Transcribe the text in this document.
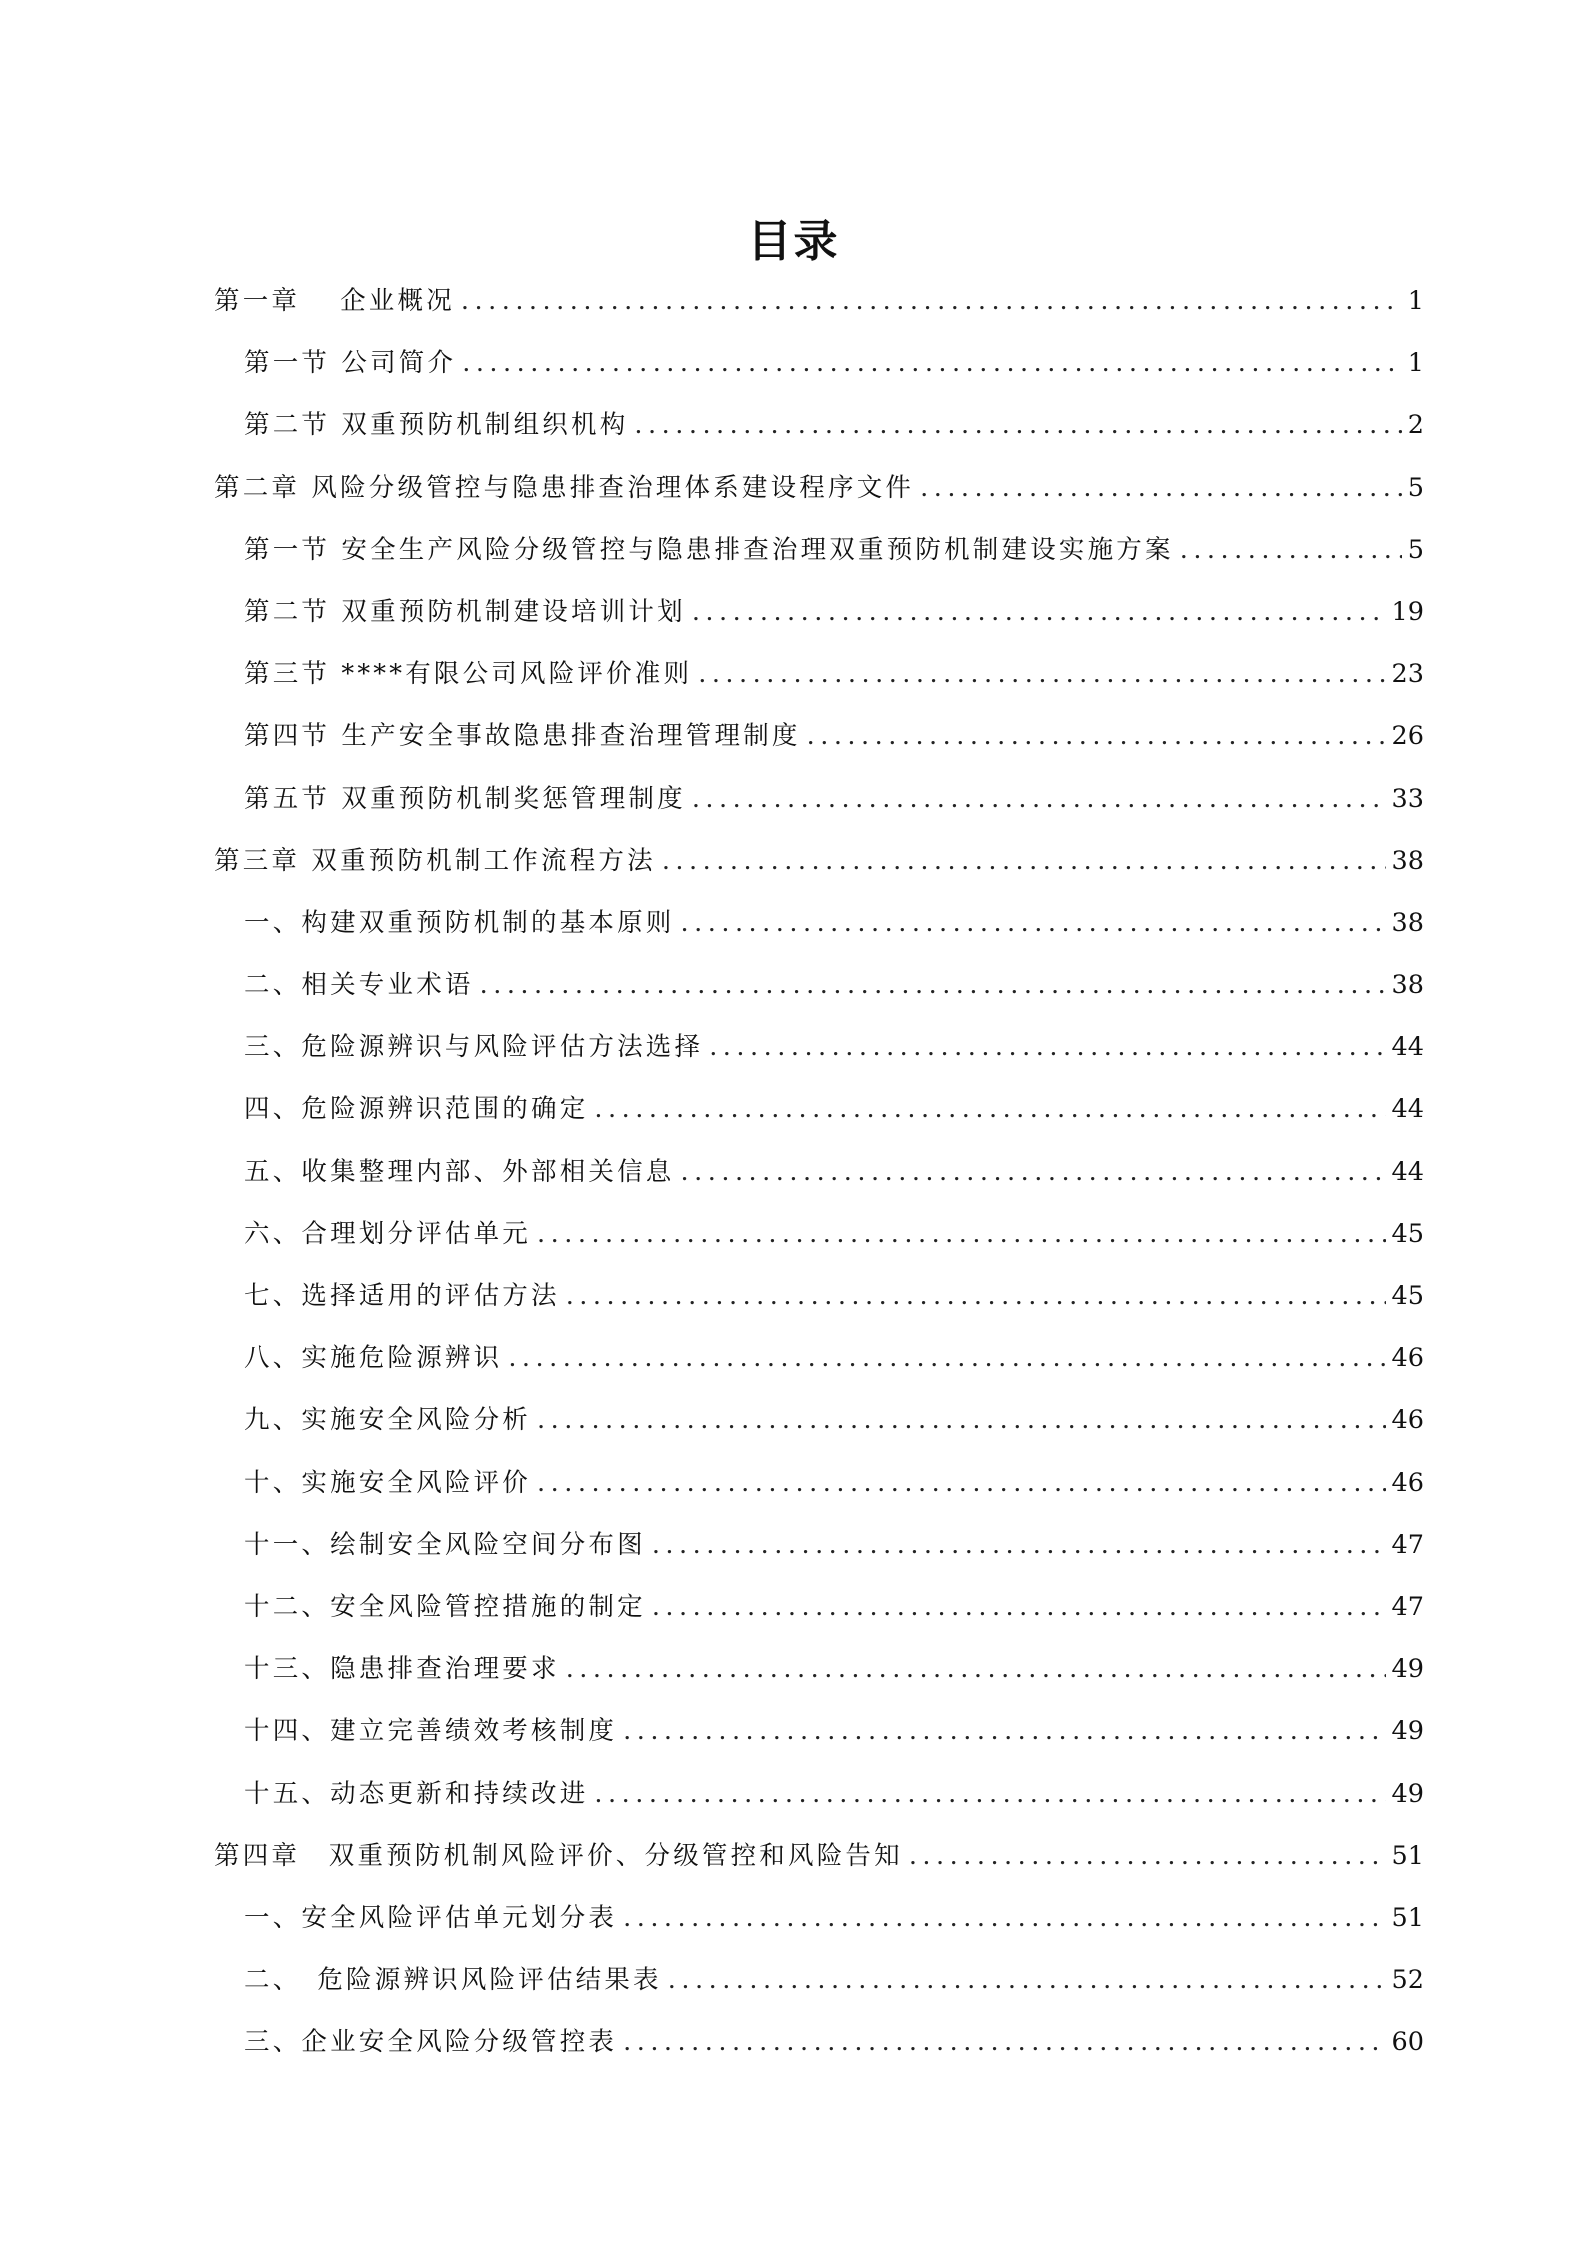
目录
第一章　 企业概况 .....	1
第一节 公司简介 .....	1
第二节 双重预防机制组织机构 .....	2
第二章 风险分级管控与隐患排查治理体系建设程序文件 .....	5
第一节 安全生产风险分级管控与隐患排查治理双重预防机制建设实施方案 .....	5
第二节 双重预防机制建设培训计划 .....	19
第三节 ****有限公司风险评价准则 .....	23
第四节 生产安全事故隐患排查治理管理制度 .....	26
第五节 双重预防机制奖惩管理制度 .....	33
第三章 双重预防机制工作流程方法 .....	38
一、构建双重预防机制的基本原则 .....	38
二、相关专业术语 .....	38
三、危险源辨识与风险评估方法选择 .....	44
四、危险源辨识范围的确定 .....	44
五、收集整理内部、外部相关信息 .....	44
六、合理划分评估单元 .....	45
七、选择适用的评估方法 .....	45
八、实施危险源辨识 .....	46
九、实施安全风险分析 .....	46
十、实施安全风险评价 .....	46
十一、绘制安全风险空间分布图 .....	47
十二、安全风险管控措施的制定 .....	47
十三、隐患排查治理要求 .....	49
十四、建立完善绩效考核制度 .....	49
十五、动态更新和持续改进 .....	49
第四章　双重预防机制风险评价、分级管控和风险告知 .....	51
一、安全风险评估单元划分表 .....	51
二、　危险源辨识风险评估结果表 .....	52
三、企业安全风险分级管控表 .....	60
